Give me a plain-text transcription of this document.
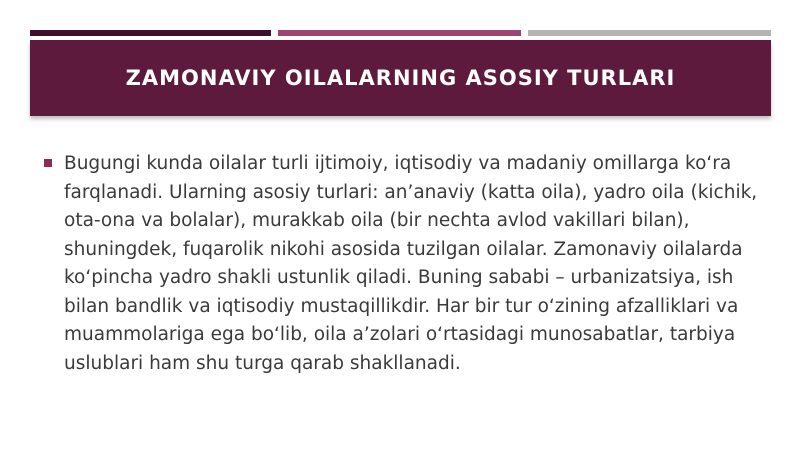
ZAMONAVIY OILALARNING ASOSIY TURLARI
Bugungi kunda oilalar turli ijtimoiy, iqtisodiy va madaniy omillarga koʻra farqlanadi. Ularning asosiy turlari: an’anaviy (katta oila), yadro oila (kichik, ota-ona va bolalar), murakkab oila (bir nechta avlod vakillari bilan), shuningdek, fuqarolik nikohi asosida tuzilgan oilalar. Zamonaviy oilalarda koʻpincha yadro shakli ustunlik qiladi. Buning sababi – urbanizatsiya, ish bilan bandlik va iqtisodiy mustaqillikdir. Har bir tur oʻzining afzalliklari va muammolariga ega boʻlib, oila a’zolari oʻrtasidagi munosabatlar, tarbiya uslublari ham shu turga qarab shakllanadi.
